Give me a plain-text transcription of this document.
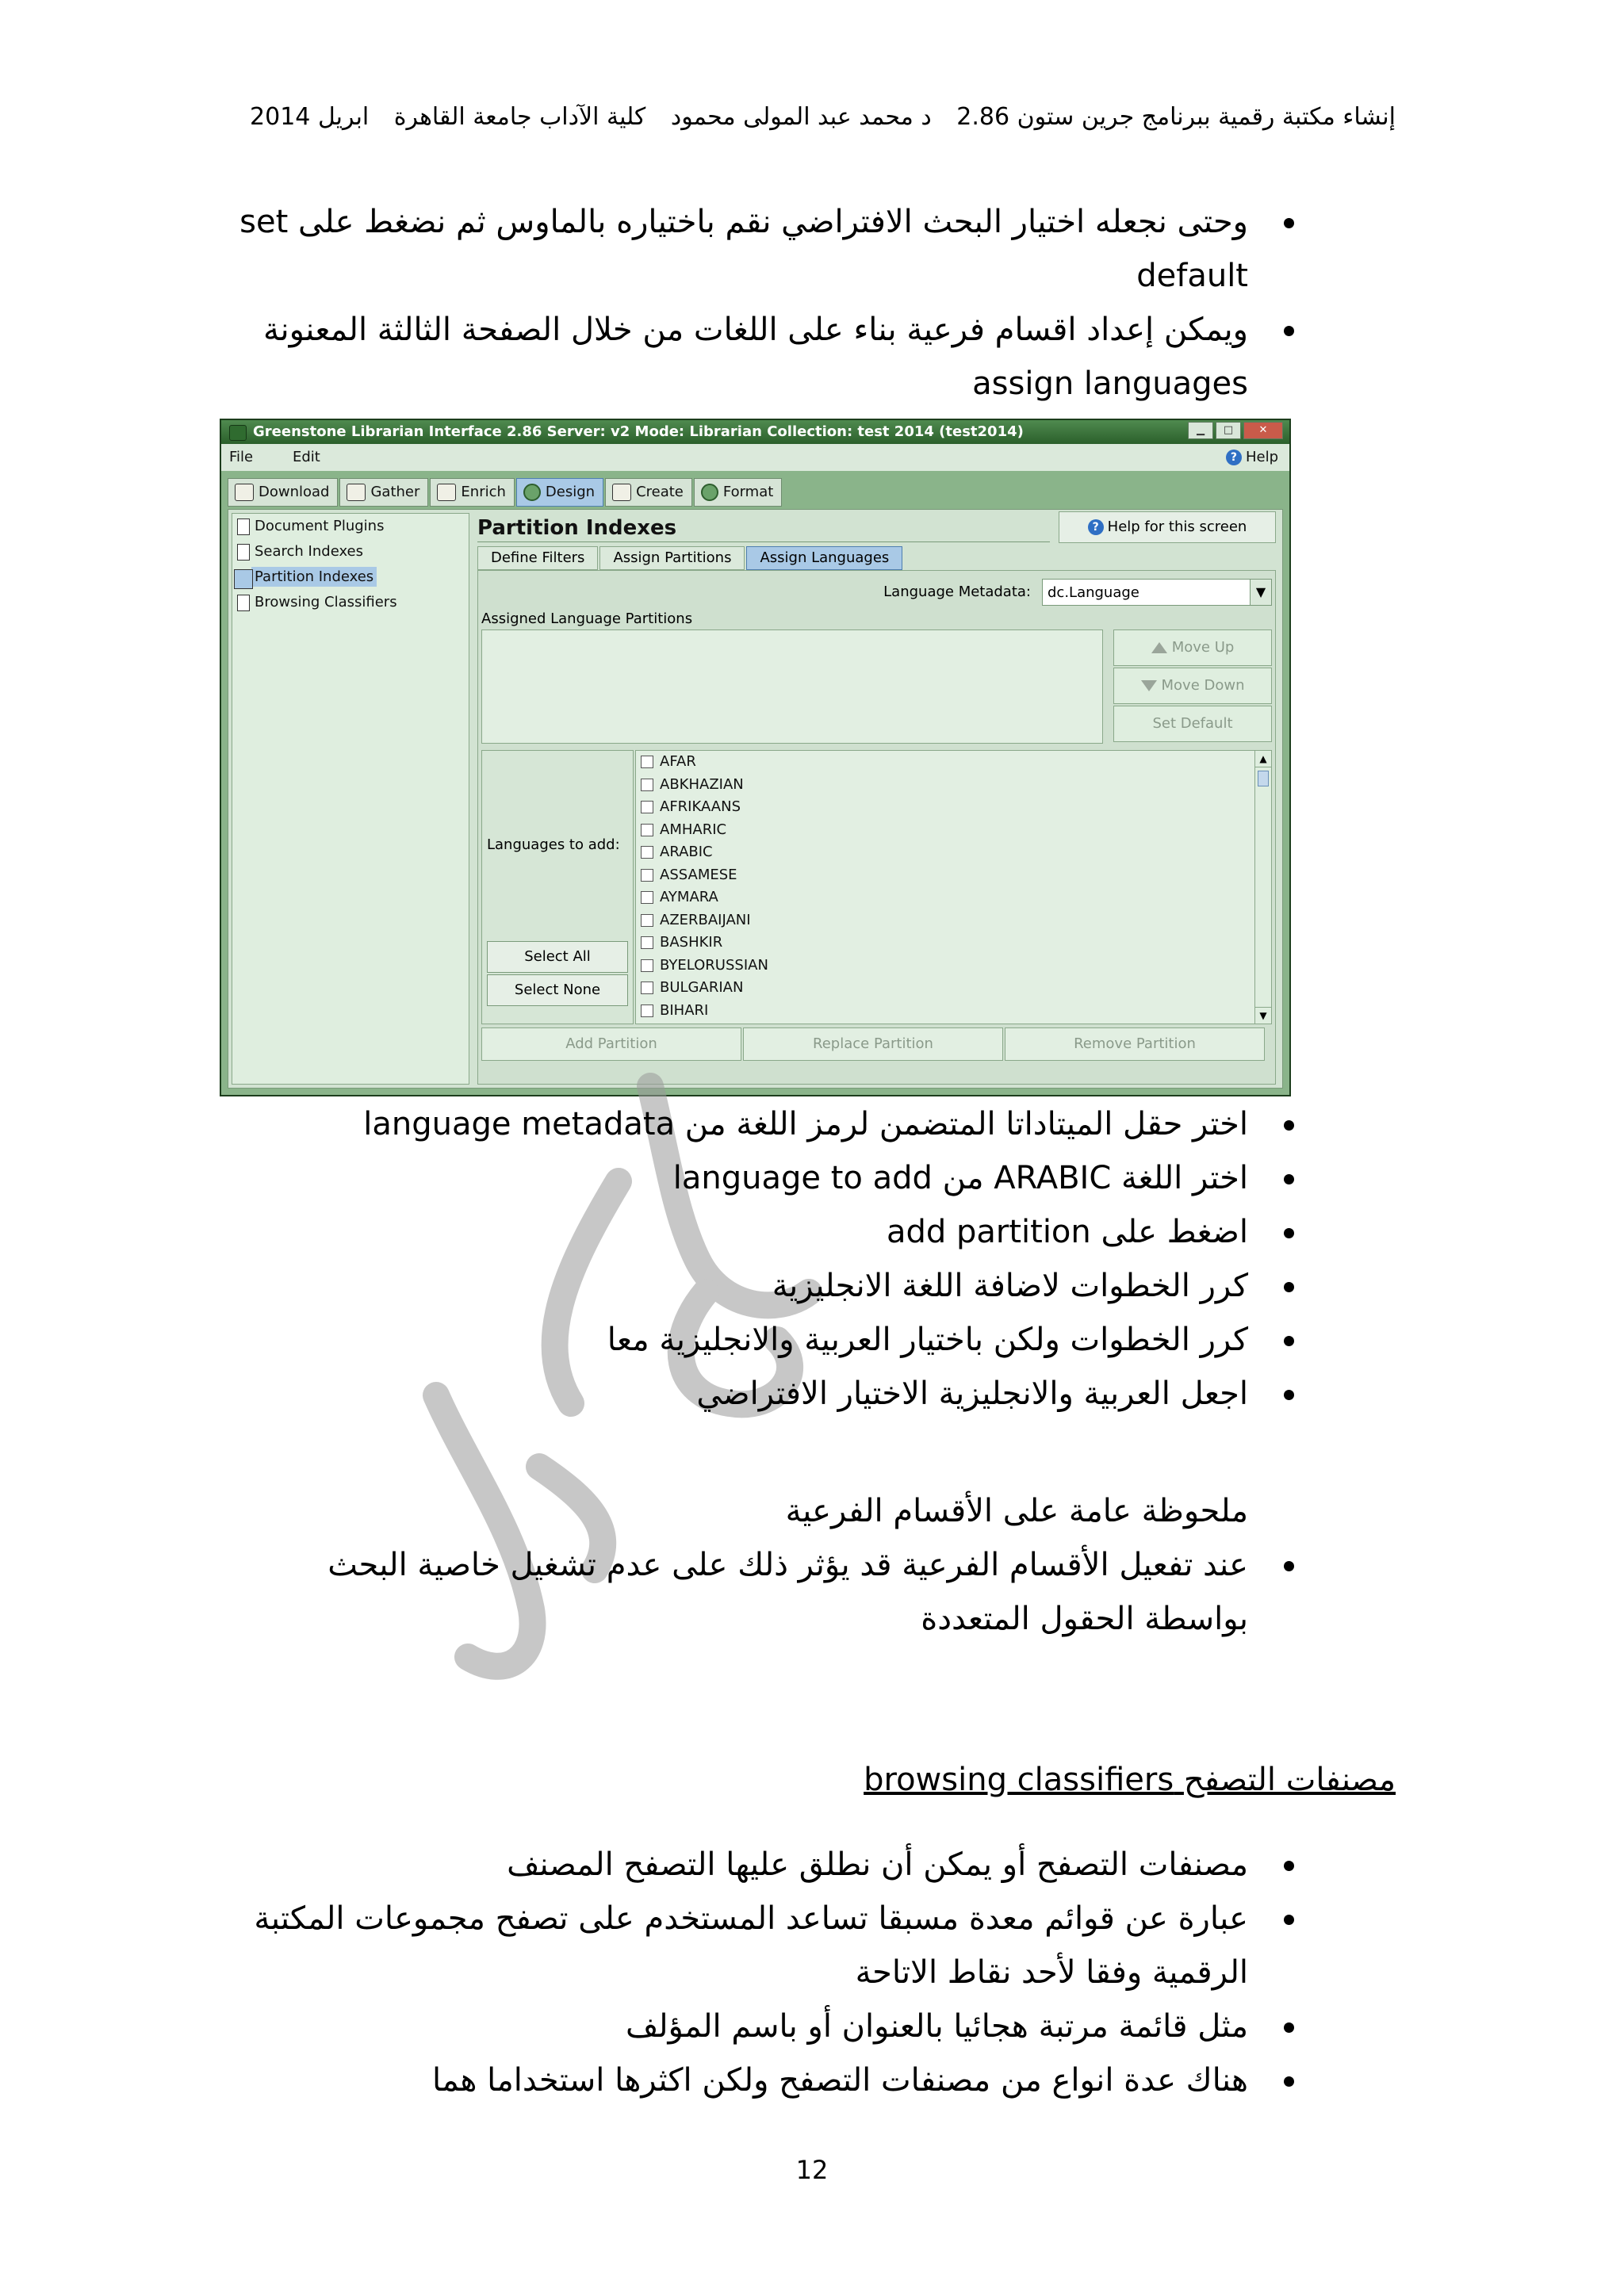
إنشاء مكتبة رقمية ببرنامج جرين ستون 2.86 د محمد عبد المولى محمود كلية الآداب جامعة القاهرة ابريل 2014
وحتى نجعله اختيار البحث الافتراضي نقم باختياره بالماوس ثم نضغط على set default
ويمكن إعداد اقسام فرعية بناء على اللغات من خلال الصفحة الثالثة المعنونة assign languages
Greenstone Librarian Interface 2.86 Server: v2 Mode: Librarian Collection: test 2014 (test2014)	▁	□	✕
File	Edit	? Help
Download	Gather	Enrich	Design	Create	Format
Document Plugins
Search Indexes
Partition Indexes
Browsing Classifiers
Partition Indexes	? Help for this screen
Define Filters	Assign Partitions	Assign Languages
Language Metadata:	dc.Language	▼
Assigned Language Partitions
Move Up
Move Down
Set Default
Languages to add:
Select All
Select None
AFAR
ABKHAZIAN
AFRIKAANS
AMHARIC
ARABIC
ASSAMESE
AYMARA
AZERBAIJANI
BASHKIR
BYELORUSSIAN
BULGARIAN
BIHARI
▲
▼
Add Partition	Replace Partition	Remove Partition
اختر حقل الميتاداتا المتضمن لرمز اللغة من language metadata
اختر اللغة ARABIC من language to add
اضغط على add partition
كرر الخطوات لاضافة اللغة الانجليزية
كرر الخطوات ولكن باختيار العربية والانجليزية معا
اجعل العربية والانجليزية الاختيار الافتراضي
ملحوظة عامة على الأقسام الفرعية
عند تفعيل الأقسام الفرعية قد يؤثر ذلك على عدم تشغيل خاصية البحث بواسطة الحقول المتعددة
مصنفات التصفح browsing classifiers
مصنفات التصفح أو يمكن أن نطلق عليها التصفح المصنف
عبارة عن قوائم معدة مسبقا تساعد المستخدم على تصفح مجموعات المكتبة الرقمية وفقا لأحد نقاط الاتاحة
مثل قائمة مرتبة هجائيا بالعنوان أو باسم المؤلف
هناك عدة انواع من مصنفات التصفح ولكن اكثرها استخداما هما
12
